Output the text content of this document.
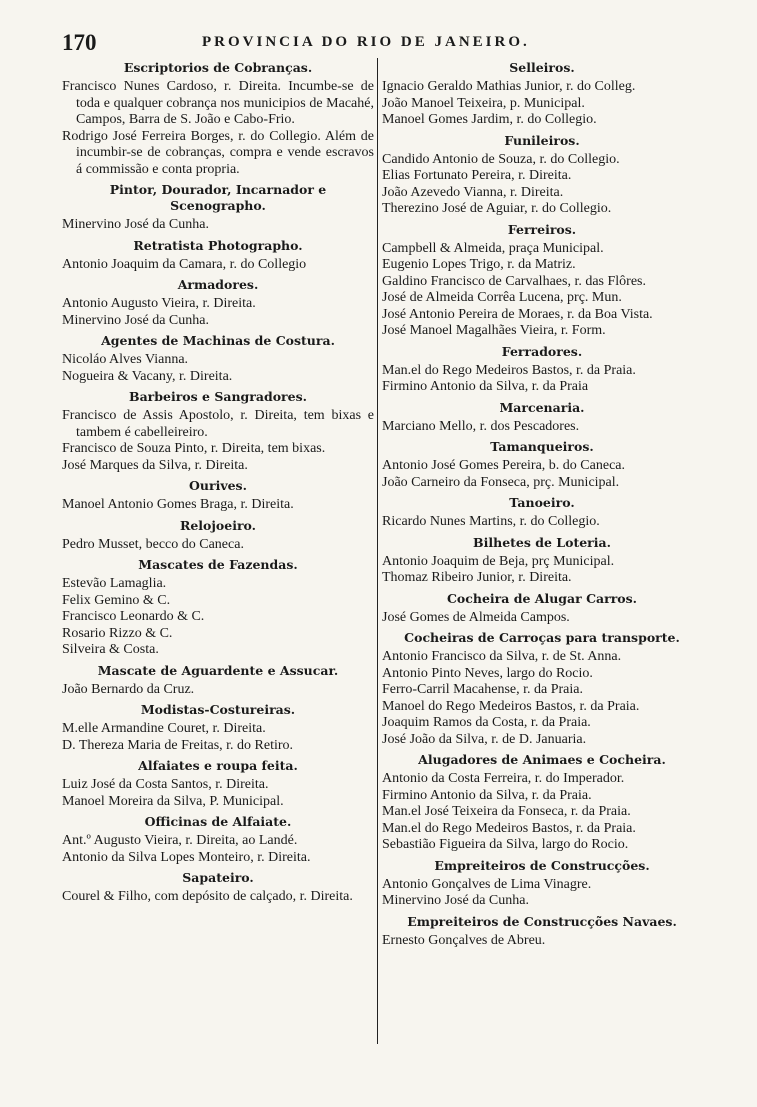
170	PROVINCIA DO RIO DE JANEIRO.
Escriptorios de Cobranças.
Francisco Nunes Cardoso, r. Direita. Incumbe-se de toda e qualquer cobrança nos municipios de Macahé, Campos, Barra de S. João e Cabo-Frio.
Rodrigo José Ferreira Borges, r. do Collegio. Além de incumbir-se de cobranças, compra e vende escravos á commissão e conta propria.
Pintor, Dourador, Incarnador e Scenographo.
Minervino José da Cunha.
Retratista Photographo.
Antonio Joaquim da Camara, r. do Collegio
Armadores.
Antonio Augusto Vieira, r. Direita.
Minervino José da Cunha.
Agentes de Machinas de Costura.
Nicoláo Alves Vianna.
Nogueira & Vacany, r. Direita.
Barbeiros e Sangradores.
Francisco de Assis Apostolo, r. Direita, tem bixas e tambem é cabelleireiro.
Francisco de Souza Pinto, r. Direita, tem bixas.
José Marques da Silva, r. Direita.
Ourives.
Manoel Antonio Gomes Braga, r. Direita.
Relojoeiro.
Pedro Musset, becco do Caneca.
Mascates de Fazendas.
Estevão Lamaglia.
Felix Gemino & C.
Francisco Leonardo & C.
Rosario Rizzo & C.
Silveira & Costa.
Mascate de Aguardente e Assucar.
João Bernardo da Cruz.
Modistas-Costureiras.
M.elle Armandine Couret, r. Direita.
D. Thereza Maria de Freitas, r. do Retiro.
Alfaiates e roupa feita.
Luiz José da Costa Santos, r. Direita.
Manoel Moreira da Silva, P. Municipal.
Officinas de Alfaiate.
Ant.º Augusto Vieira, r. Direita, ao Landé.
Antonio da Silva Lopes Monteiro, r. Direita.
Sapateiro.
Courel & Filho, com depósito de calçado, r. Direita.
Selleiros.
Ignacio Geraldo Mathias Junior, r. do Colleg.
João Manoel Teixeira, p. Municipal.
Manoel Gomes Jardim, r. do Collegio.
Funileiros.
Candido Antonio de Souza, r. do Collegio.
Elias Fortunato Pereira, r. Direita.
João Azevedo Vianna, r. Direita.
Therezino José de Aguiar, r. do Collegio.
Ferreiros.
Campbell & Almeida, praça Municipal.
Eugenio Lopes Trigo, r. da Matriz.
Galdino Francisco de Carvalhaes, r. das Flôres.
José de Almeida Corrêa Lucena, prç. Mun.
José Antonio Pereira de Moraes, r. da Boa Vista.
José Manoel Magalhães Vieira, r. Form.
Ferradores.
Man.el do Rego Medeiros Bastos, r. da Praia.
Firmino Antonio da Silva, r. da Praia
Marcenaria.
Marciano Mello, r. dos Pescadores.
Tamanqueiros.
Antonio José Gomes Pereira, b. do Caneca.
João Carneiro da Fonseca, prç. Municipal.
Tanoeiro.
Ricardo Nunes Martins, r. do Collegio.
Bilhetes de Loteria.
Antonio Joaquim de Beja, prç Municipal.
Thomaz Ribeiro Junior, r. Direita.
Cocheira de Alugar Carros.
José Gomes de Almeida Campos.
Cocheiras de Carroças para transporte.
Antonio Francisco da Silva, r. de St. Anna.
Antonio Pinto Neves, largo do Rocio.
Ferro-Carril Macahense, r. da Praia.
Manoel do Rego Medeiros Bastos, r. da Praia.
Joaquim Ramos da Costa, r. da Praia.
José João da Silva, r. de D. Januaria.
Alugadores de Animaes e Cocheira.
Antonio da Costa Ferreira, r. do Imperador.
Firmino Antonio da Silva, r. da Praia.
Man.el José Teixeira da Fonseca, r. da Praia.
Man.el do Rego Medeiros Bastos, r. da Praia.
Sebastião Figueira da Silva, largo do Rocio.
Empreiteiros de Construcções.
Antonio Gonçalves de Lima Vinagre.
Minervino José da Cunha.
Empreiteiros de Construcções Navaes.
Ernesto Gonçalves de Abreu.
